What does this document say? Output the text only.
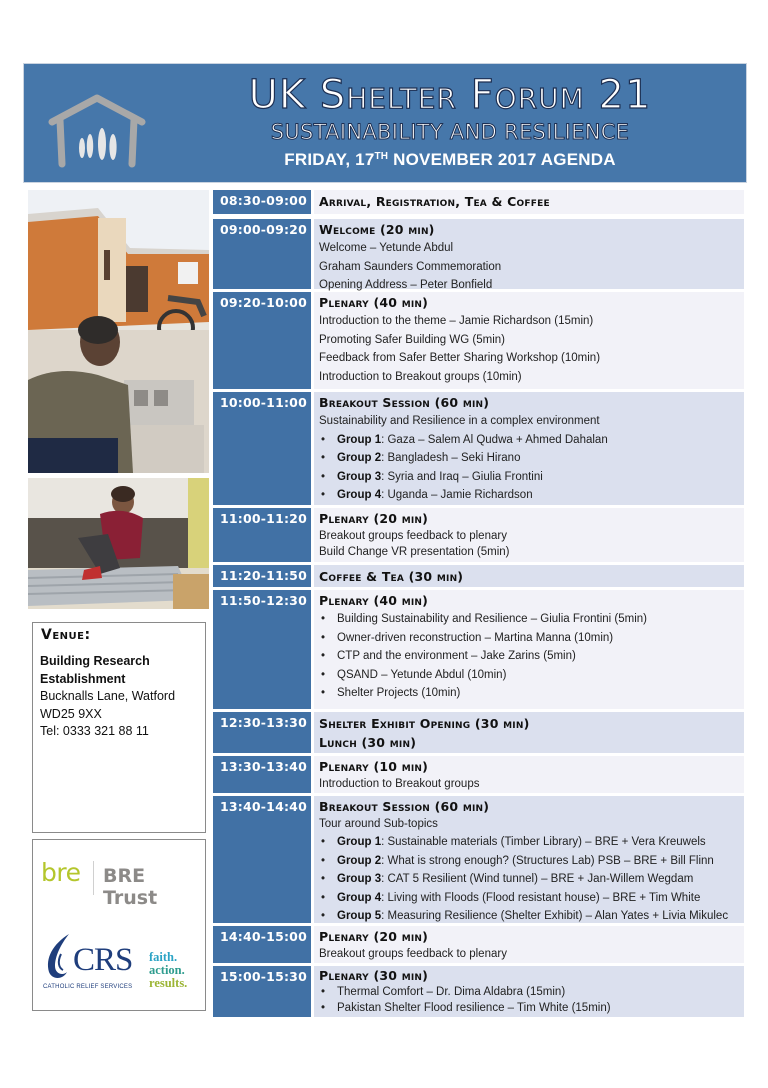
UK Shelter Forum 21
SUSTAINABILITY AND RESILIENCE
FRIDAY, 17TH NOVEMBER 2017 AGENDA
Venue:
Building Research
Establishment
Bucknalls Lane, Watford
WD25 9XX
Tel: 0333 321 88 11
bre BRE Trust
CRS
CATHOLIC RELIEF SERVICES
faith.
action.
results.
08:30-09:00 Arrival, Registration, Tea & Coffee
09:00-09:20 Welcome (20 min)
Welcome – Yetunde Abdul
Graham Saunders Commemoration
Opening Address – Peter Bonfield
09:20-10:00 Plenary (40 min)
Introduction to the theme – Jamie Richardson (15min)
Promoting Safer Building WG (5min)
Feedback from Safer Better Sharing Workshop (10min)
Introduction to Breakout groups (10min)
10:00-11:00 Breakout Session (60 min)
Sustainability and Resilience in a complex environment
• Group 1: Gaza – Salem Al Qudwa + Ahmed Dahalan
• Group 2: Bangladesh – Seki Hirano
• Group 3: Syria and Iraq – Giulia Frontini
• Group 4: Uganda – Jamie Richardson
11:00-11:20 Plenary (20 min)
Breakout groups feedback to plenary
Build Change VR presentation (5min)
11:20-11:50 Coffee & Tea (30 min)
11:50-12:30 Plenary (40 min)
• Building Sustainability and Resilience – Giulia Frontini (5min)
• Owner-driven reconstruction – Martina Manna (10min)
• CTP and the environment – Jake Zarins (5min)
• QSAND – Yetunde Abdul (10min)
• Shelter Projects (10min)
12:30-13:30 Shelter Exhibit Opening (30 min)
Lunch (30 min)
13:30-13:40 Plenary (10 min)
Introduction to Breakout groups
13:40-14:40 Breakout Session (60 min)
Tour around Sub-topics
• Group 1: Sustainable materials (Timber Library) – BRE + Vera Kreuwels
• Group 2: What is strong enough? (Structures Lab) PSB – BRE + Bill Flinn
• Group 3: CAT 5 Resilient (Wind tunnel) – BRE + Jan-Willem Wegdam
• Group 4: Living with Floods (Flood resistant house) – BRE + Tim White
• Group 5: Measuring Resilience (Shelter Exhibit) – Alan Yates + Livia Mikulec
14:40-15:00 Plenary (20 min)
Breakout groups feedback to plenary
15:00-15:30 Plenary (30 min)
• Thermal Comfort – Dr. Dima Aldabra (15min)
• Pakistan Shelter Flood resilience – Tim White (15min)
